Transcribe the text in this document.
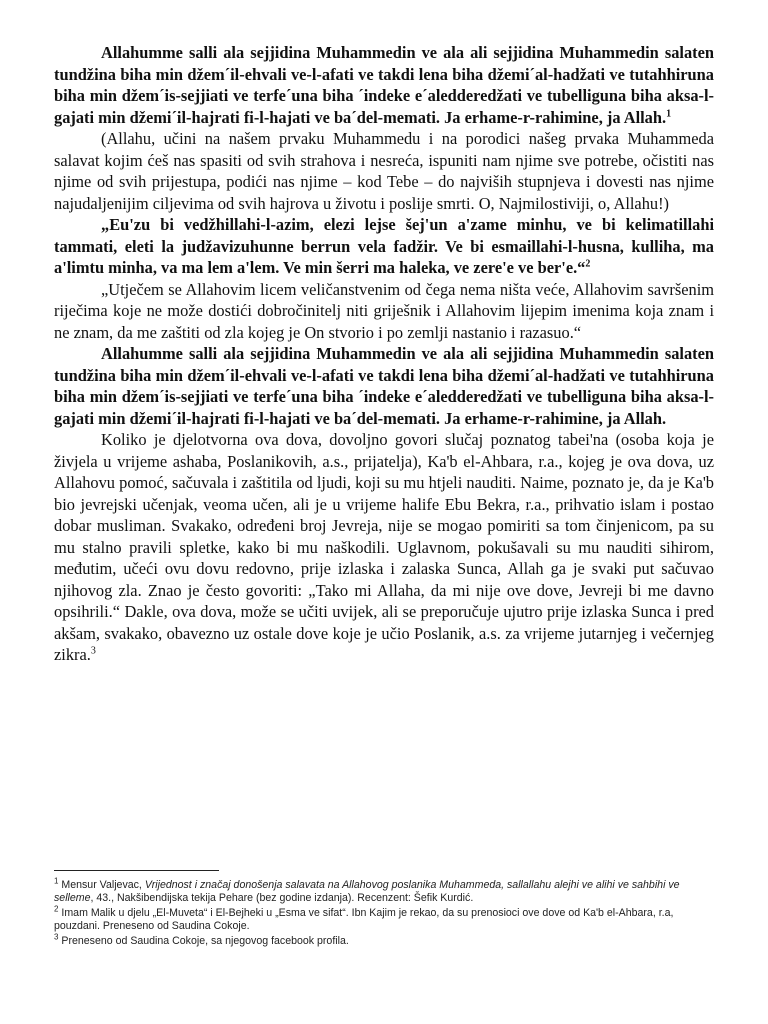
Allahumme salli ala sejjidina Muhammedin ve ala ali sejjidina Muhammedin salaten tundžina biha min džem´il-ehvali ve-l-afati ve takdi lena biha džemi´al-hadžati ve tutahhiruna biha min džem´is-sejjiati ve terfe´una biha ´indeke e´aledderedžati ve tubelliguna biha aksa-l-gajati min džemi´il-hajrati fi-l-hajati ve ba´del-memati. Ja erhame-r-rahimine, ja Allah.$^1$

(Allahu, učini na našem prvaku Muhammedu i na porodici našeg prvaka Muhammeda salavat kojim ćeš nas spasiti od svih strahova i nesreća, ispuniti nam njime sve potrebe, očistiti nas njime od svih prijestupa, podići nas njime – kod Tebe – do najviših stupnjeva i dovesti nas njime najudaljenijim ciljevima od svih hajrova u životu i poslije smrti. O, Najmilostiviji, o, Allahu!)

„Eu'zu bi vedžhillahi-l-azim, elezi lejse šej'un a'zame minhu, ve bi kelimatillahi tammati, eleti la judžavizuhunne berrun vela fadžir. Ve bi esmaillahi-l-husna, kulliha, ma a'limtu minha, va ma lem a'lem. Ve min šerri ma haleka, ve zere'e ve ber'e.“$^2$

„Utječem se Allahovim licem veličanstvenim od čega nema ništa veće, Allahovim savršenim riječima koje ne može dostići dobročinitelj niti griješnik i Allahovim lijepim imenima koja znam i ne znam, da me zaštiti od zla kojeg je On stvorio i po zemlji nastanio i razasuo.“

Allahumme salli ala sejjidina Muhammedin ve ala ali sejjidina Muhammedin salaten tundžina biha min džem´il-ehvali ve-l-afati ve takdi lena biha džemi´al-hadžati ve tutahhiruna biha min džem´is-sejjiati ve terfe´una biha ´indeke e´aledderedžati ve tubelliguna biha aksa-l-gajati min džemi´il-hajrati fi-l-hajati ve ba´del-memati. Ja erhame-r-rahimine, ja Allah.

Koliko je djelotvorna ova dova, dovoljno govori slučaj poznatog tabei'na (osoba koja je živjela u vrijeme ashaba, Poslanikovih, a.s., prijatelja), Ka'b el-Ahbara, r.a., kojeg je ova dova, uz Allahovu pomoć, sačuvala i zaštitila od ljudi, koji su mu htjeli nauditi. Naime, poznato je, da je Ka'b bio jevrejski učenjak, veoma učen, ali je u vrijeme halife Ebu Bekra, r.a., prihvatio islam i postao dobar musliman. Svakako, određeni broj Jevreja, nije se mogao pomiriti sa tom činjenicom, pa su mu stalno pravili spletke, kako bi mu naškodili. Uglavnom, pokušavali su mu nauditi sihirom, međutim, učeći ovu dovu redovno, prije izlaska i zalaska Sunca, Allah ga je svaki put sačuvao njihovog zla. Znao je često govoriti: „Tako mi Allaha, da mi nije ove dove, Jevreji bi me davno opsihrili.“ Dakle, ova dova, može se učiti uvijek, ali se preporučuje ujutro prije izlaska Sunca i pred akšam, svakako, obavezno uz ostale dove koje je učio Poslanik, a.s. za vrijeme jutarnjeg i večernjeg zikra.$^3$

$^1$ Mensur Valjevac, Vrijednost i značaj donošenja salavata na Allahovog poslanika Muhammeda, sallallahu alejhi ve alihi ve sahbihi ve selleme, 43., Nakšibendijska tekija Pehare (bez godine izdanja). Recenzent: Šefik Kurdić.

$^2$ Imam Malik u djelu „El-Muveta“ i El-Bejheki u „Esma ve sifat“. Ibn Kajim je rekao, da su prenosioci ove dove od Ka'b el-Ahbara, r.a, pouzdani. Preneseno od Saudina Cokoje.

$^3$ Preneseno od Saudina Cokoje, sa njegovog facebook profila.
